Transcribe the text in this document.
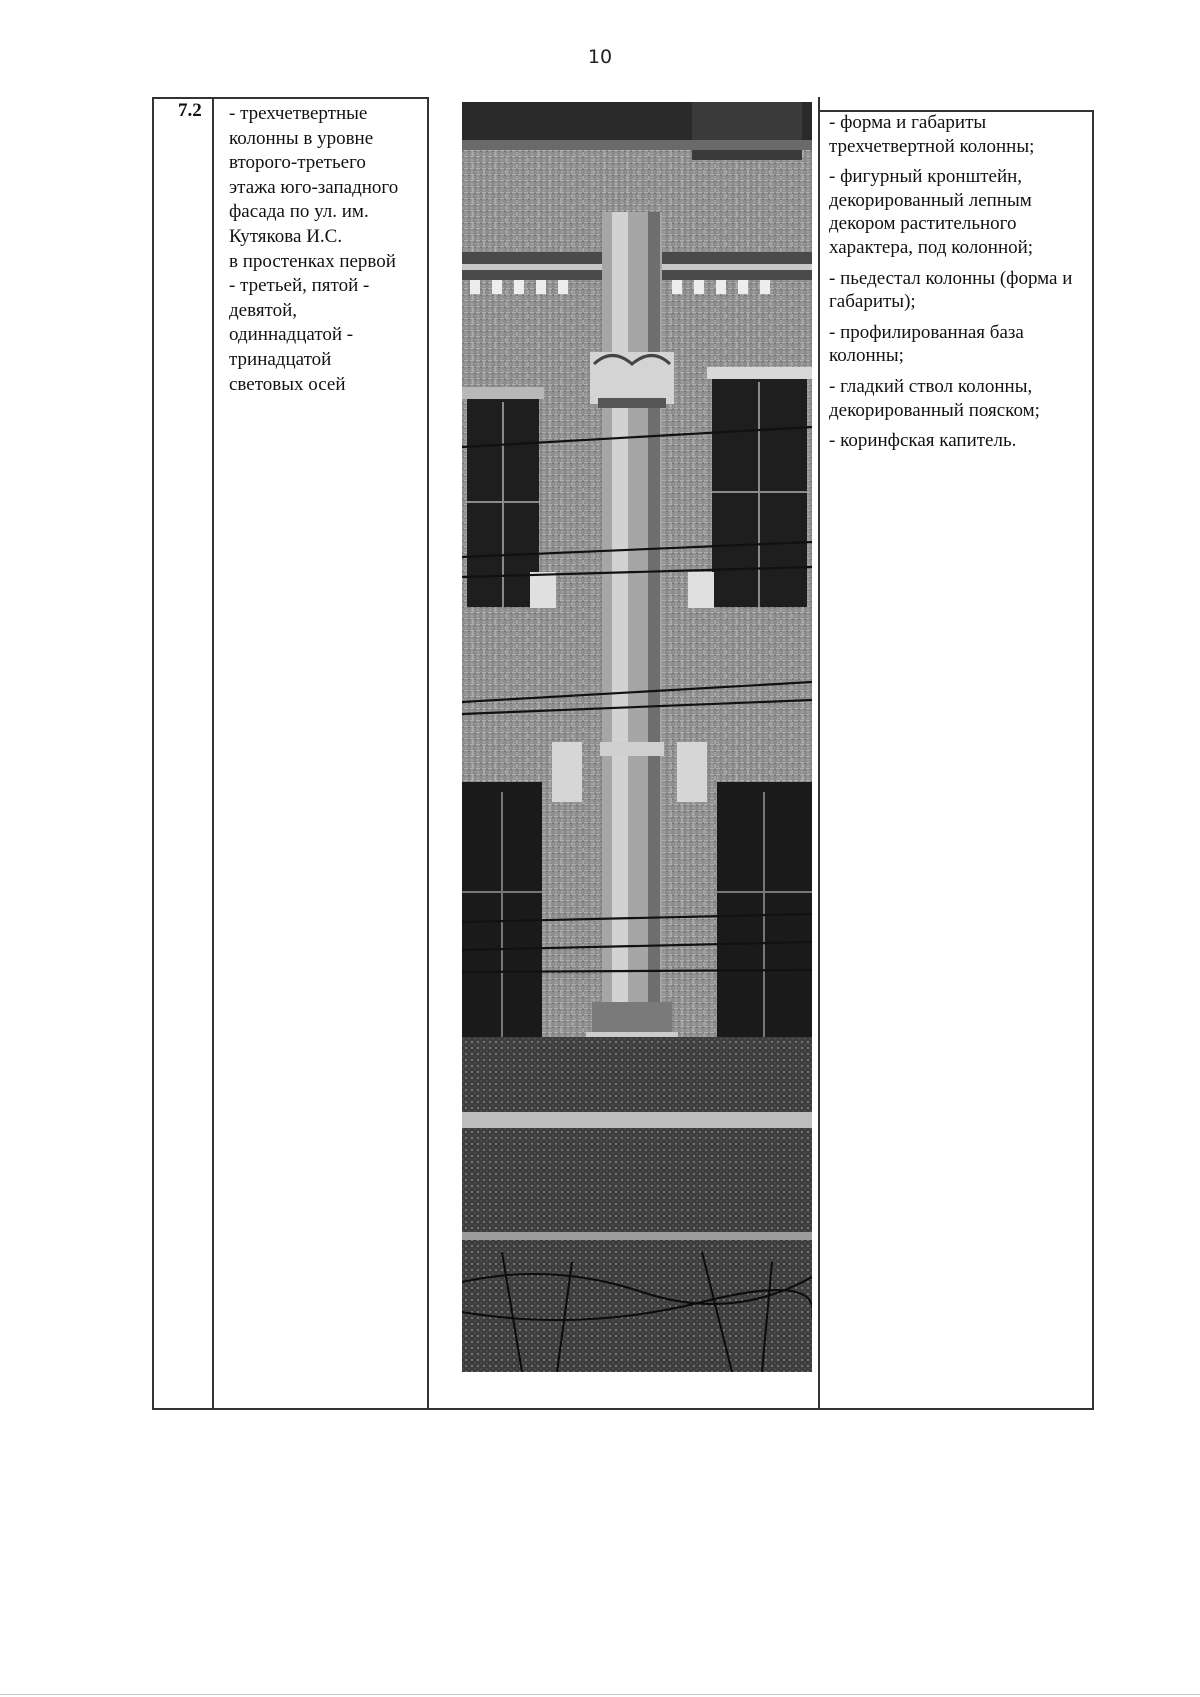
10
7.2 - трехчетвертные

колонны в уровне

второго-третьего

этажа юго-западного

фасада по ул. им.

Кутякова И.С.

в простенках первой

- третьей, пятой -

девятой,

одиннадцатой -

тринадцатой

световых осей

- форма и габариты трехчетвертной колонны;

- фигурный кронштейн, декорированный лепным декором растительного характера, под колонной;

- пьедестал колонны (форма и габариты);

- профилированная база колонны;

- гладкий ствол колонны, декорированный пояском;

- коринфская капитель.
